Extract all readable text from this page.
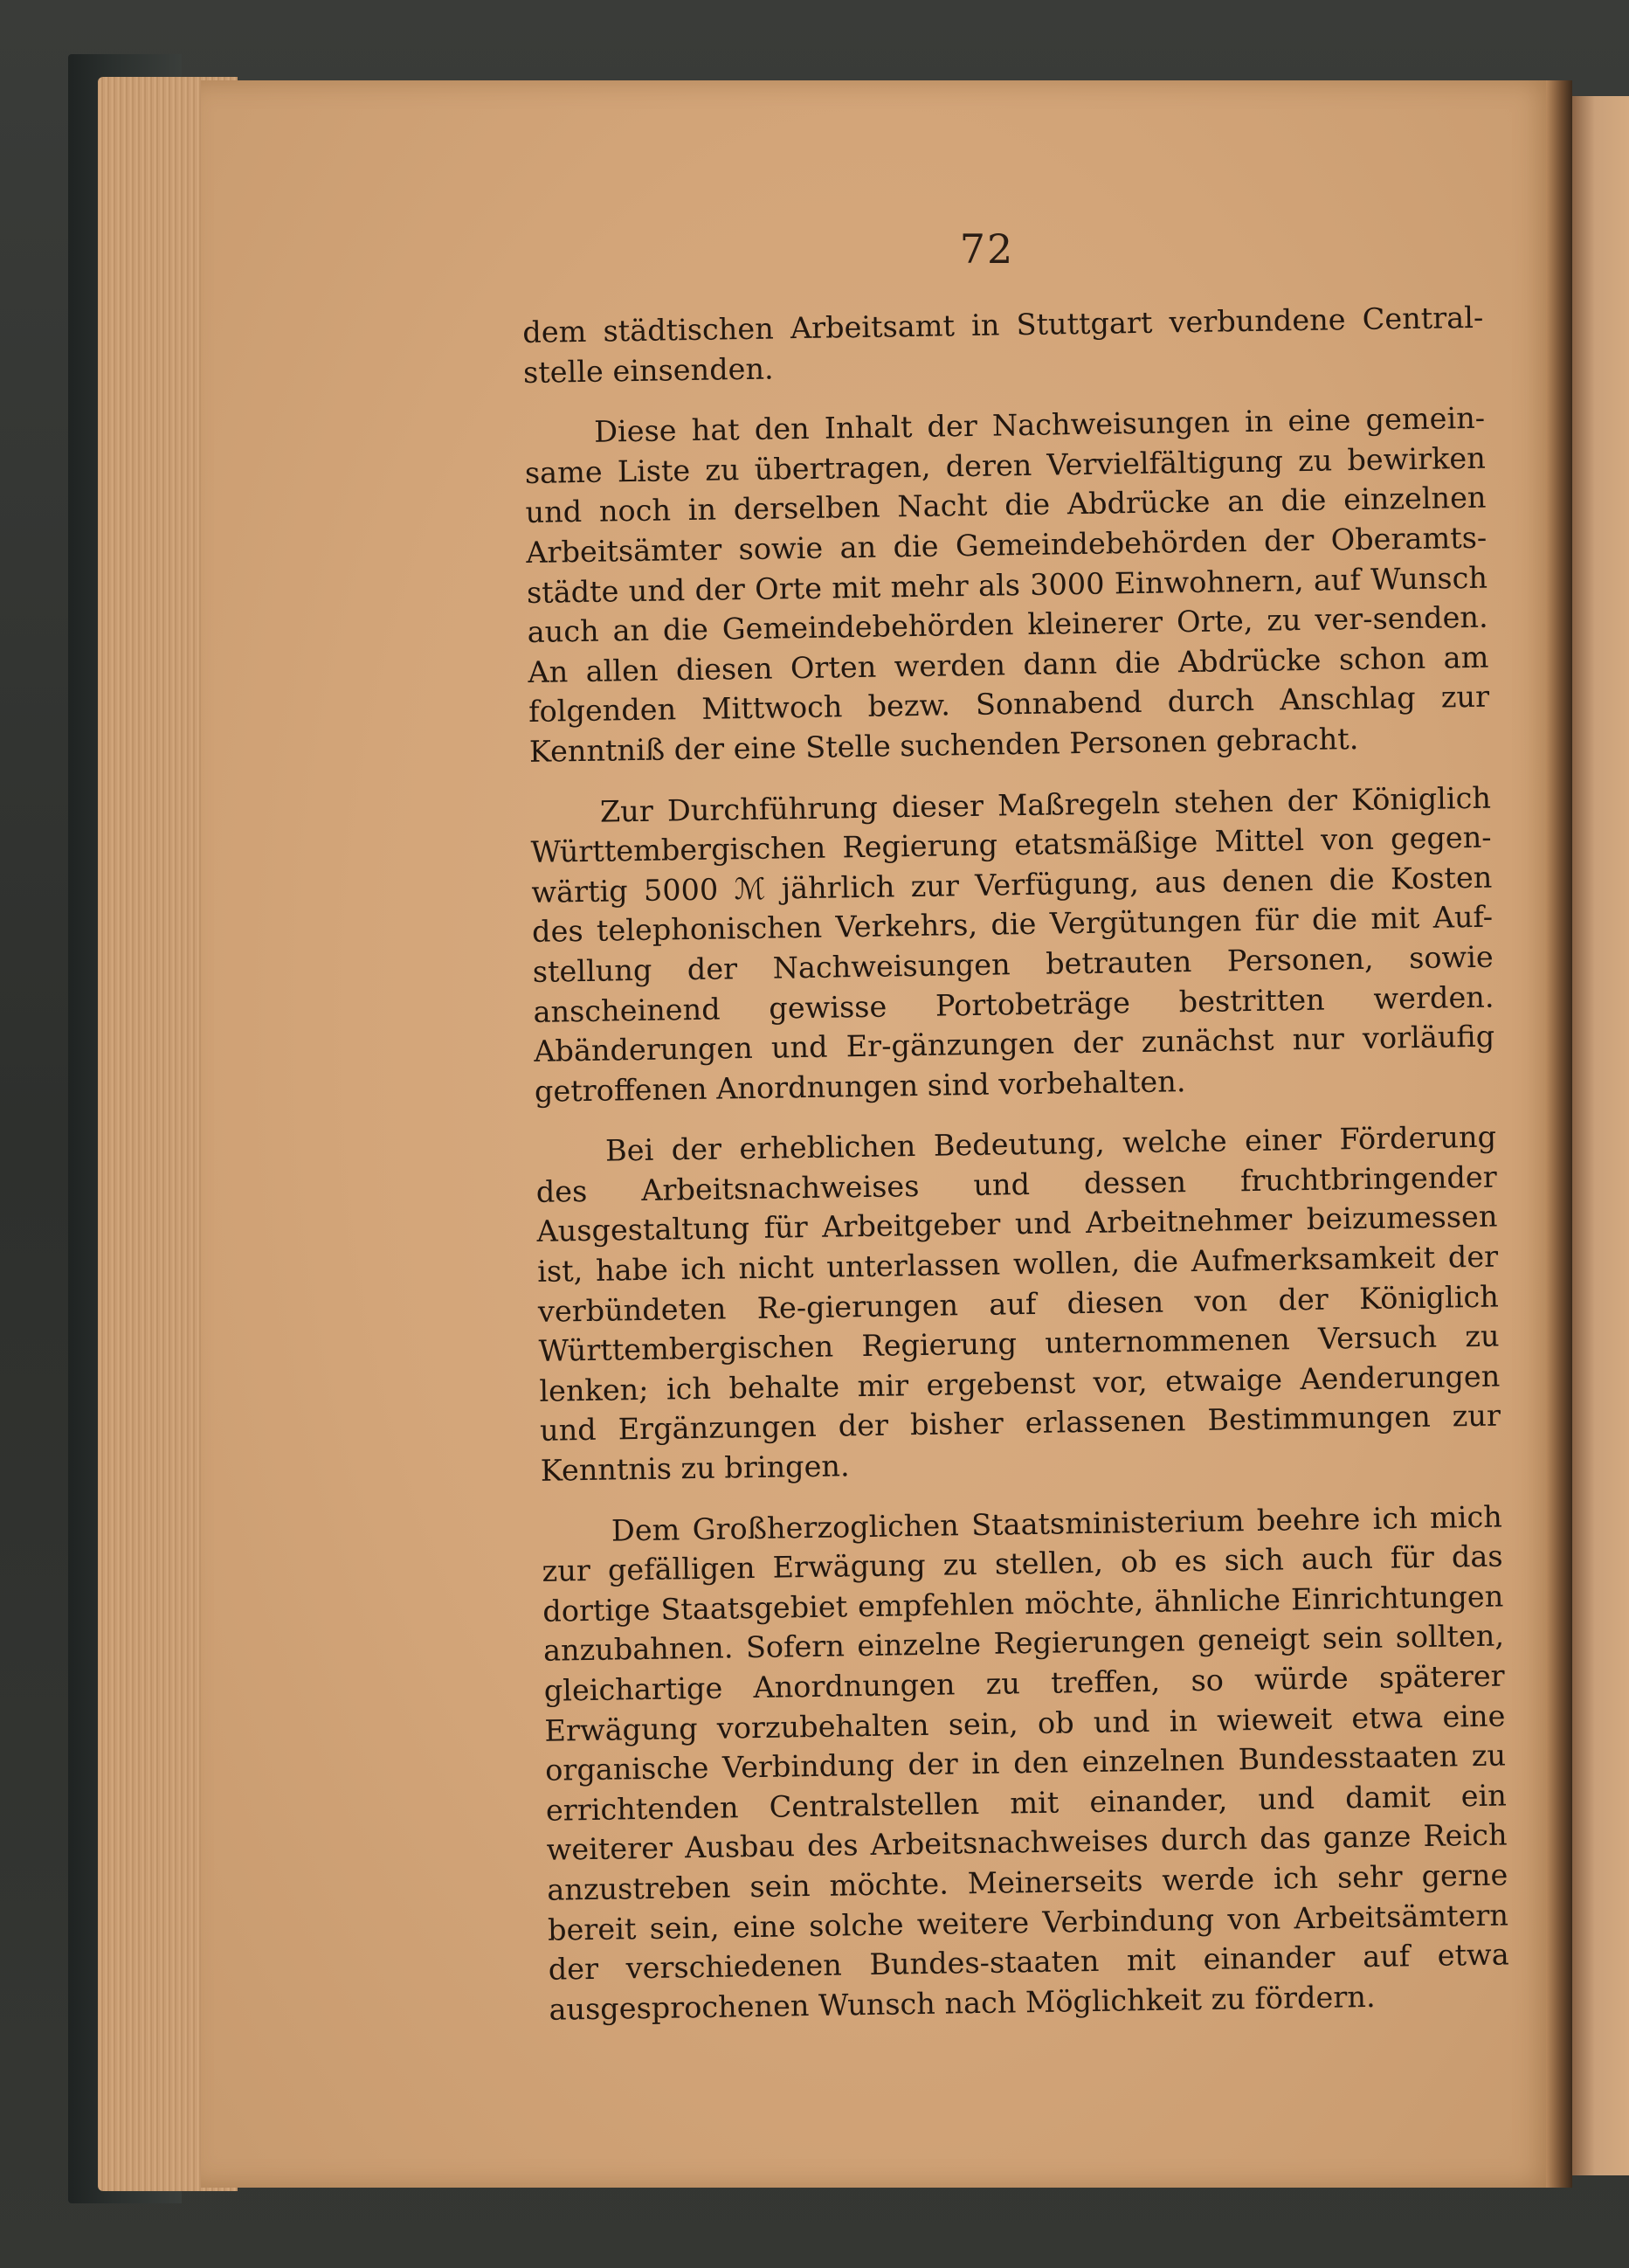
72

dem städtischen Arbeitsamt in Stuttgart verbundene Central-stelle einsenden.

Diese hat den Inhalt der Nachweisungen in eine gemein-same Liste zu übertragen, deren Vervielfältigung zu bewirken und noch in derselben Nacht die Abdrücke an die einzelnen Arbeitsämter sowie an die Gemeindebehörden der Oberamts-städte und der Orte mit mehr als 3000 Einwohnern, auf Wunsch auch an die Gemeindebehörden kleinerer Orte, zu ver-senden. An allen diesen Orten werden dann die Abdrücke schon am folgenden Mittwoch bezw. Sonnabend durch Anschlag zur Kenntniß der eine Stelle suchenden Personen gebracht.

Zur Durchführung dieser Maßregeln stehen der Königlich Württembergischen Regierung etatsmäßige Mittel von gegen-wärtig 5000 ℳ jährlich zur Verfügung, aus denen die Kosten des telephonischen Verkehrs, die Vergütungen für die mit Auf-stellung der Nachweisungen betrauten Personen, sowie anscheinend gewisse Portobeträge bestritten werden. Abänderungen und Er-gänzungen der zunächst nur vorläufig getroffenen Anordnungen sind vorbehalten.

Bei der erheblichen Bedeutung, welche einer Förderung des Arbeitsnachweises und dessen fruchtbringender Ausgestaltung für Arbeitgeber und Arbeitnehmer beizumessen ist, habe ich nicht unterlassen wollen, die Aufmerksamkeit der verbündeten Re-gierungen auf diesen von der Königlich Württembergischen Regierung unternommenen Versuch zu lenken; ich behalte mir ergebenst vor, etwaige Aenderungen und Ergänzungen der bisher erlassenen Bestimmungen zur Kenntnis zu bringen.

Dem Großherzoglichen Staatsministerium beehre ich mich zur gefälligen Erwägung zu stellen, ob es sich auch für das dortige Staatsgebiet empfehlen möchte, ähnliche Einrichtungen anzubahnen. Sofern einzelne Regierungen geneigt sein sollten, gleichartige Anordnungen zu treffen, so würde späterer Erwägung vorzubehalten sein, ob und in wieweit etwa eine organische Verbindung der in den einzelnen Bundesstaaten zu errichtenden Centralstellen mit einander, und damit ein weiterer Ausbau des Arbeitsnachweises durch das ganze Reich anzustreben sein möchte. Meinerseits werde ich sehr gerne bereit sein, eine solche weitere Verbindung von Arbeitsämtern der verschiedenen Bundes-staaten mit einander auf etwa ausgesprochenen Wunsch nach Möglichkeit zu fördern.
